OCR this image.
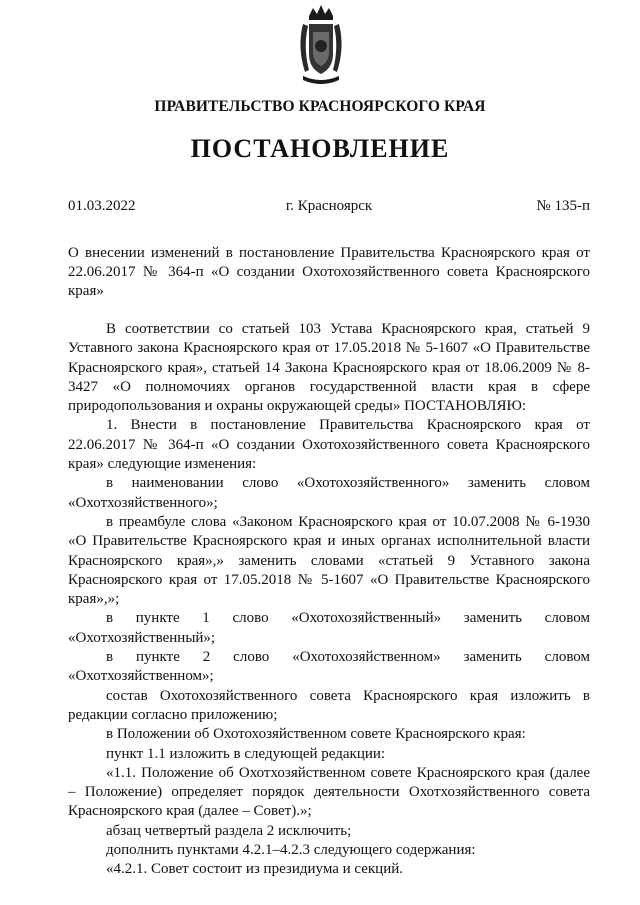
ПРАВИТЕЛЬСТВО КРАСНОЯРСКОГО КРАЯ
ПОСТАНОВЛЕНИЕ
01.03.2022	г. Красноярск	№ 135-п
О внесении изменений в постановление Правительства Красноярского края от 22.06.2017 № 364-п «О создании Охотохозяйственного совета Красноярского края»

В соответствии со статьей 103 Устава Красноярского края, статьей 9 Уставного закона Красноярского края от 17.05.2018 № 5-1607 «О Правительстве Красноярского края», статьей 14 Закона Красноярского края от 18.06.2009 № 8-3427 «О полномочиях органов государственной власти края в сфере природопользования и охраны окружающей среды» ПОСТАНОВЛЯЮ:

1. Внести в постановление Правительства Красноярского края от 22.06.2017 № 364-п «О создании Охотохозяйственного совета Красноярского края» следующие изменения:

в наименовании слово «Охотохозяйственного» заменить словом «Охотхозяйственного»;

в преамбуле слова «Законом Красноярского края от 10.07.2008 № 6-1930 «О Правительстве Красноярского края и иных органах исполнительной власти Красноярского края»,» заменить словами «статьей 9 Уставного закона Красноярского края от 17.05.2018 № 5-1607 «О Правительстве Красноярского края»,»;

в пункте 1 слово «Охотохозяйственный» заменить словом «Охотхозяйственный»;

в пункте 2 слово «Охотохозяйственном» заменить словом «Охотхозяйственном»;

состав Охотохозяйственного совета Красноярского края изложить в редакции согласно приложению;

в Положении об Охотохозяйственном совете Красноярского края:

пункт 1.1 изложить в следующей редакции:

«1.1. Положение об Охотхозяйственном совете Красноярского края (далее – Положение) определяет порядок деятельности Охотхозяйственного совета Красноярского края (далее – Совет).»;

абзац четвертый раздела 2 исключить;

дополнить пунктами 4.2.1–4.2.3 следующего содержания:

«4.2.1. Совет состоит из президиума и секций.
